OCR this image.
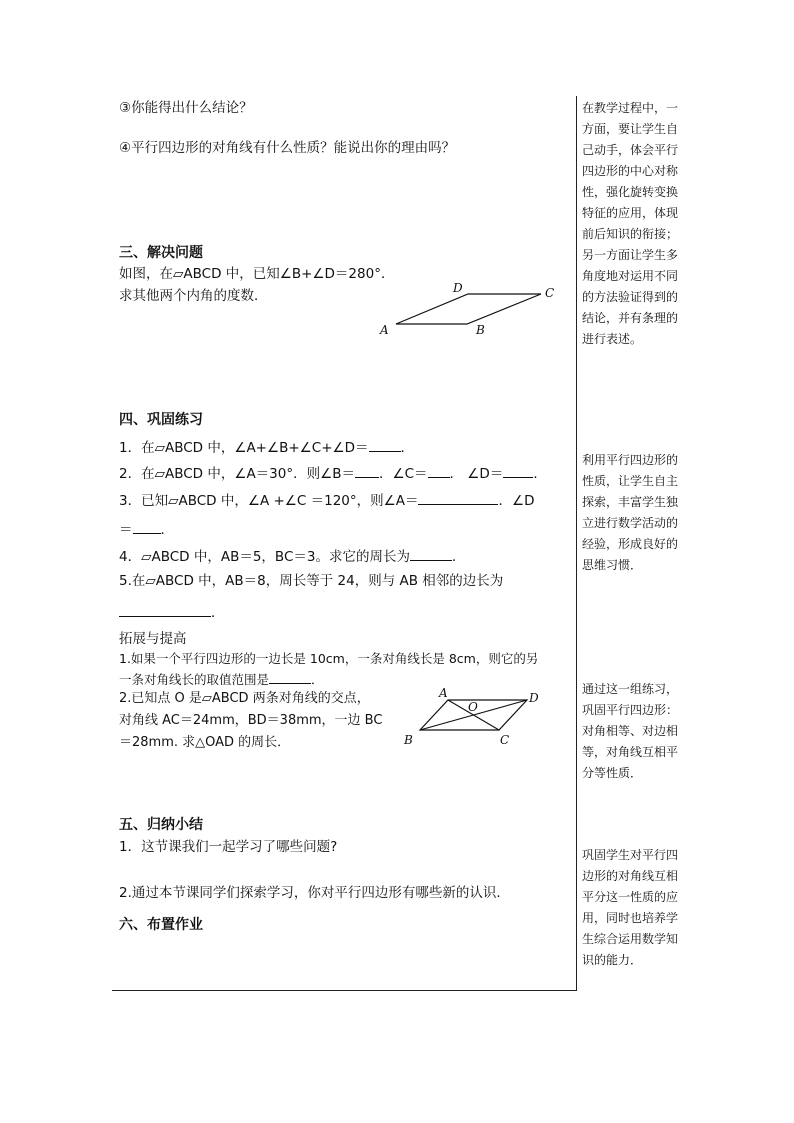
③你能得出什么结论？
④平行四边形的对角线有什么性质？能说出你的理由吗？
三、解决问题
如图，在▱ABCD 中，已知∠B+∠D＝280°．
求其他两个内角的度数．
A	B
C
D
四、巩固练习
1．在▱ABCD 中，∠A+∠B+∠C+∠D＝ ．
2．在▱ABCD 中，∠A＝30°．则∠B＝ ．∠C＝ ． ∠D＝ ．
3．已知▱ABCD 中，∠A +∠C ＝120°，则∠A＝	．∠D
＝ ．
4．▱ABCD 中，AB＝5，BC＝3。求它的周长为	．
5.在▱ABCD 中，AB＝8，周长等于 24，则与 AB 相邻的边长为
．
拓展与提高
1.如果一个平行四边形的一边长是 10cm，一条对角线长是 8cm，则它的另
一条对角线长的取值范围是	．
2.已知点 O 是▱ABCD 两条对角线的交点，
对角线 AC＝24mm，BD＝38mm，一边 BC
＝28mm. 求△OAD 的周长．
A	D
B	C
O
五、归纳小结
1．这节课我们一起学习了哪些问题?
2.通过本节课同学们探索学习，你对平行四边形有哪些新的认识.
六、布置作业
在教学过程中，一方面，要让学生自己动手，体会平行四边形的中心对称性，强化旋转变换特征的应用，体现前后知识的衔接；另一方面让学生多角度地对运用不同的方法验证得到的结论，并有条理的进行表述。
利用平行四边形的性质，让学生自主探索，丰富学生独立进行数学活动的经验，形成良好的思维习惯．
通过这一组练习，巩固平行四边形：对角相等、对边相等，对角线互相平分等性质．
巩固学生对平行四边形的对角线互相平分这一性质的应用，同时也培养学生综合运用数学知识的能力．
